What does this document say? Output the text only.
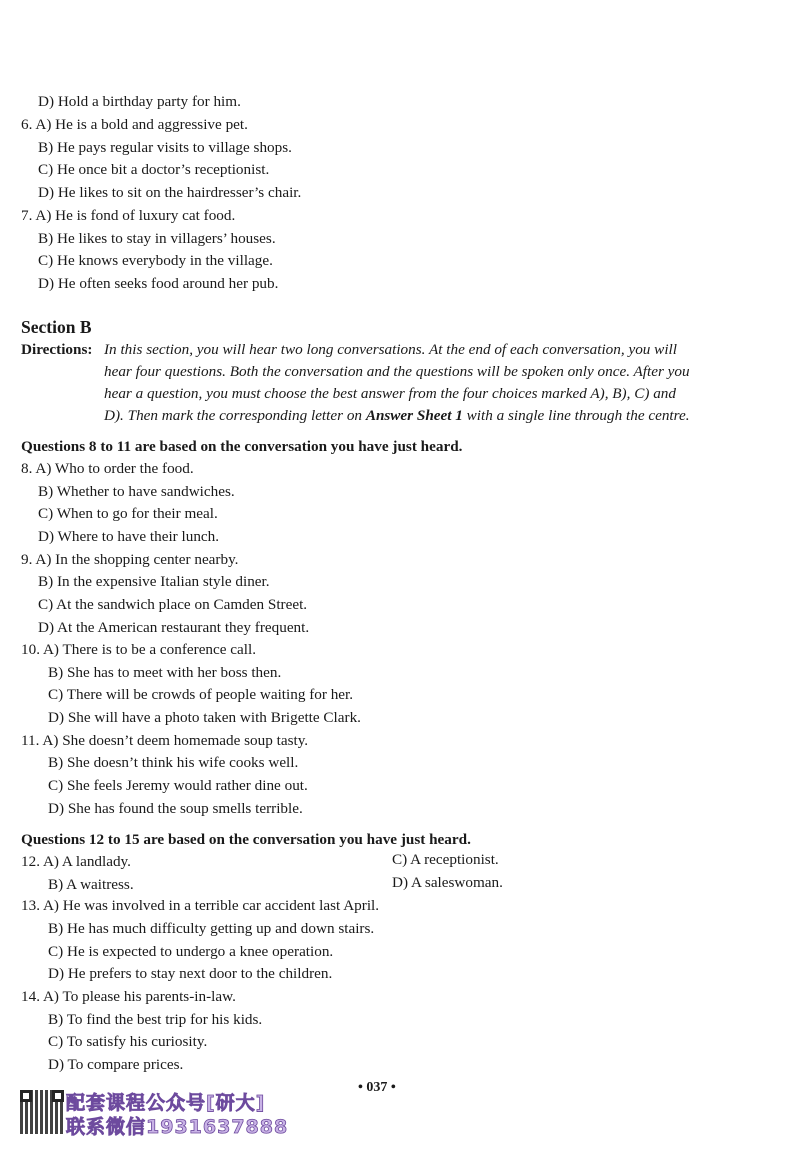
D) Hold a birthday party for him.
6. A) He is a bold and aggressive pet.
B) He pays regular visits to village shops.
C) He once bit a doctor’s receptionist.
D) He likes to sit on the hairdresser’s chair.
7. A) He is fond of luxury cat food.
B) He likes to stay in villagers’ houses.
C) He knows everybody in the village.
D) He often seeks food around her pub.
Section B
Directions: In this section, you will hear two long conversations. At the end of each conversation, you will
hear four questions. Both the conversation and the questions will be spoken only once. After you
hear a question, you must choose the best answer from the four choices marked A), B), C) and
D). Then mark the corresponding letter on Answer Sheet 1 with a single line through the centre.
Questions 8 to 11 are based on the conversation you have just heard.
8. A) Who to order the food.
B) Whether to have sandwiches.
C) When to go for their meal.
D) Where to have their lunch.
9. A) In the shopping center nearby.
B) In the expensive Italian style diner.
C) At the sandwich place on Camden Street.
D) At the American restaurant they frequent.
10. A) There is to be a conference call.
B) She has to meet with her boss then.
C) There will be crowds of people waiting for her.
D) She will have a photo taken with Brigette Clark.
11. A) She doesn’t deem homemade soup tasty.
B) She doesn’t think his wife cooks well.
C) She feels Jeremy would rather dine out.
D) She has found the soup smells terrible.
Questions 12 to 15 are based on the conversation you have just heard.
12. A) A landlady.	C) A receptionist.
B) A waitress.	D) A saleswoman.
13. A) He was involved in a terrible car accident last April.
B) He has much difficulty getting up and down stairs.
C) He is expected to undergo a knee operation.
D) He prefers to stay next door to the children.
14. A) To please his parents-in-law.
B) To find the best trip for his kids.
C) To satisfy his curiosity.
D) To compare prices.
• 037 •
配套课程公众号[研大]
联系微信1931637888
